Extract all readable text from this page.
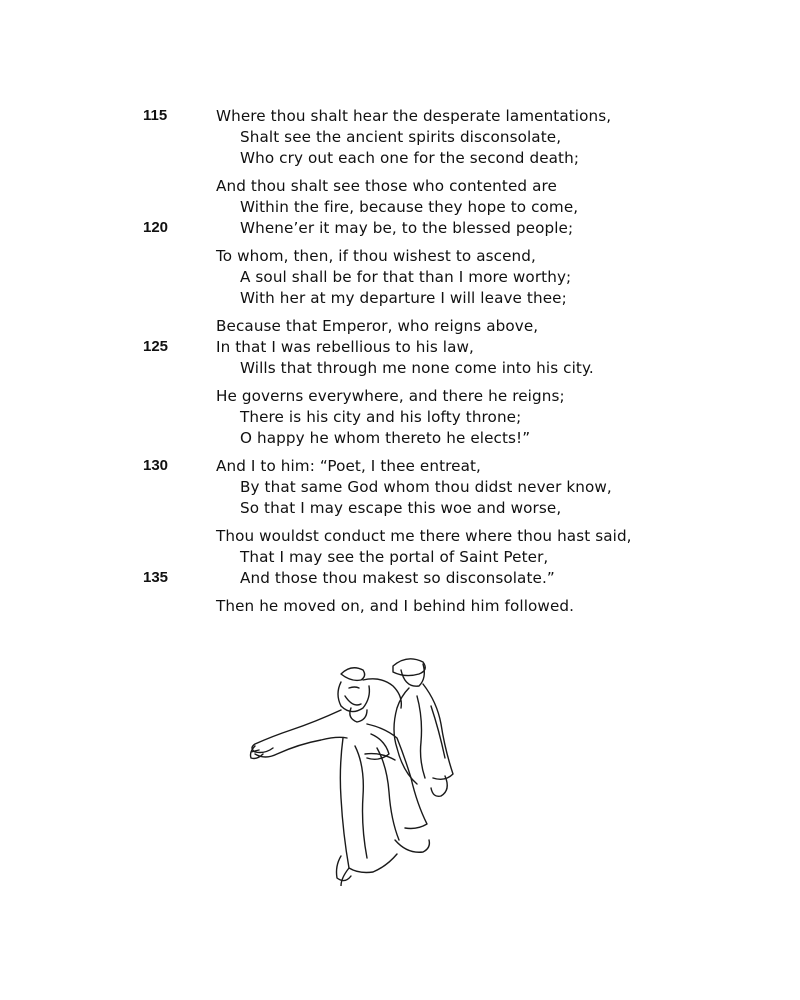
115	Where thou shalt hear the desperate lamentations,
Shalt see the ancient spirits disconsolate,
Who cry out each one for the second death;
And thou shalt see those who contented are
Within the fire, because they hope to come,
120	Whene’er it may be, to the blessed people;
To whom, then, if thou wishest to ascend,
A soul shall be for that than I more worthy;
With her at my departure I will leave thee;
Because that Emperor, who reigns above,
125	In that I was rebellious to his law,
Wills that through me none come into his city.
He governs everywhere, and there he reigns;
There is his city and his lofty throne;
O happy he whom thereto he elects!”
130	And I to him: “Poet, I thee entreat,
By that same God whom thou didst never know,
So that I may escape this woe and worse,
Thou wouldst conduct me there where thou hast said,
That I may see the portal of Saint Peter,
135	And those thou makest so disconsolate.”
Then he moved on, and I behind him followed.
